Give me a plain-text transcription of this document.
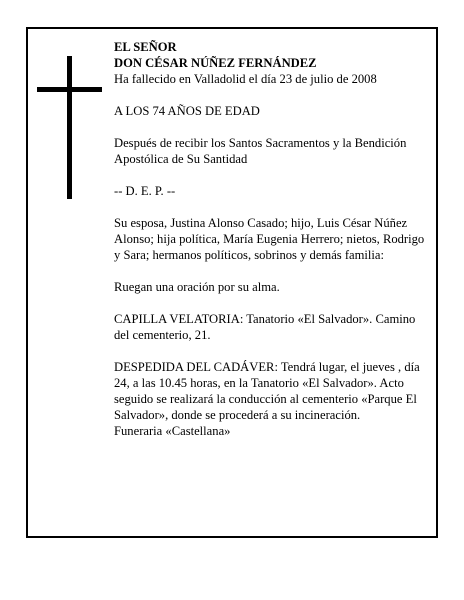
EL SEÑOR

DON CÉSAR NÚÑEZ FERNÁNDEZ

Ha fallecido en Valladolid el día 23 de julio de 2008

A LOS 74 AÑOS DE EDAD

Después de recibir los Santos Sacramentos y la Bendición Apostólica de Su Santidad

-- D. E. P. --

Su esposa, Justina Alonso Casado; hijo, Luis César Núñez Alonso; hija política, María Eugenia Herrero; nietos, Rodrigo y Sara; hermanos políticos, sobrinos y demás familia:

Ruegan una oración por su alma.

CAPILLA VELATORIA: Tanatorio «El Salvador». Camino del cementerio, 21.

DESPEDIDA DEL CADÁVER: Tendrá lugar, el jueves , día 24, a las 10.45 horas, en la Tanatorio «El Salvador». Acto seguido se realizará la conducción al cementerio «Parque El Salvador», donde se procederá a su incineración.

Funeraria «Castellana»
